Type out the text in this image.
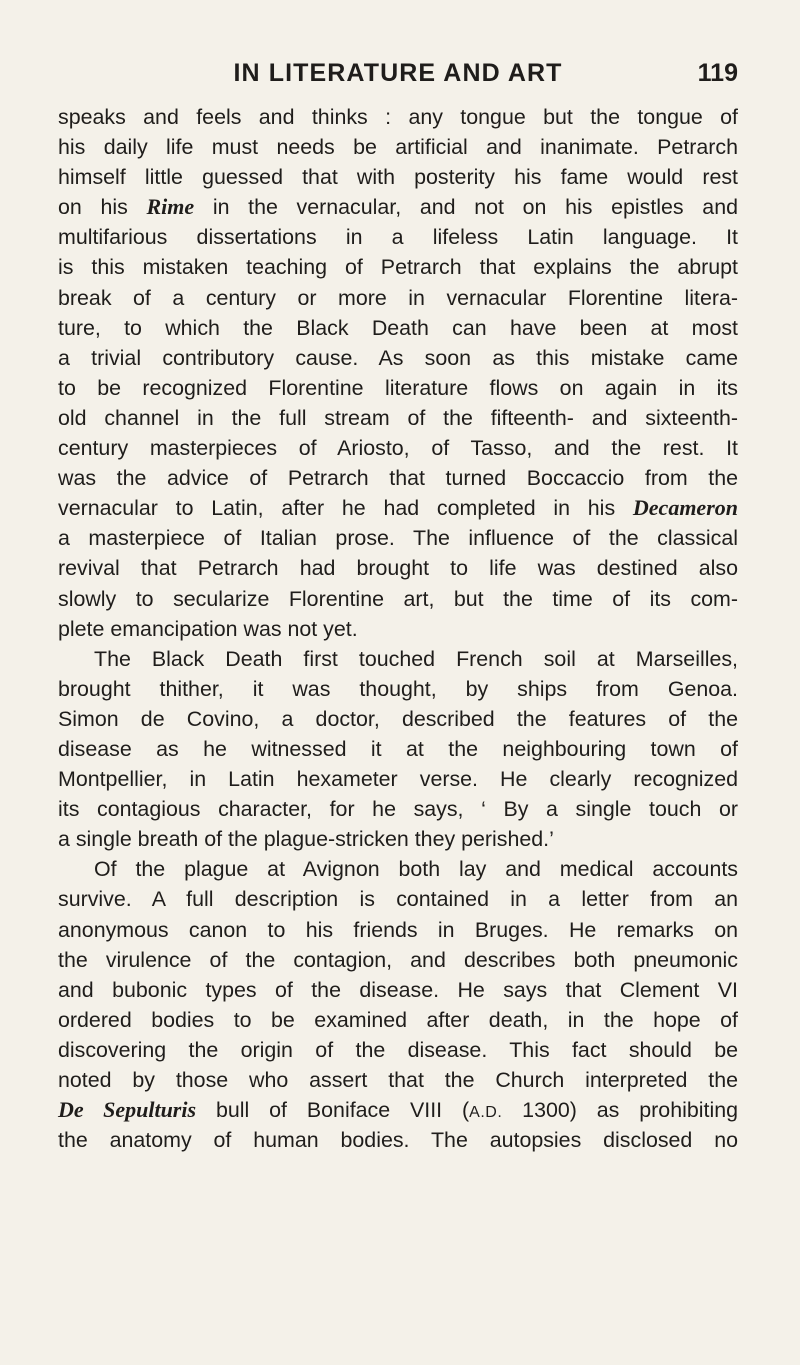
IN LITERATURE AND ART	119
speaks and feels and thinks : any tongue but the tongue of
his daily life must needs be artificial and inanimate. Petrarch
himself little guessed that with posterity his fame would rest
on his Rime in the vernacular, and not on his epistles and
multifarious dissertations in a lifeless Latin language. It
is this mistaken teaching of Petrarch that explains the abrupt
break of a century or more in vernacular Florentine litera-
ture, to which the Black Death can have been at most
a trivial contributory cause. As soon as this mistake came
to be recognized Florentine literature flows on again in its
old channel in the full stream of the fifteenth- and sixteenth-
century masterpieces of Ariosto, of Tasso, and the rest. It
was the advice of Petrarch that turned Boccaccio from the
vernacular to Latin, after he had completed in his Decameron
a masterpiece of Italian prose. The influence of the classical
revival that Petrarch had brought to life was destined also
slowly to secularize Florentine art, but the time of its com-
plete emancipation was not yet.
The Black Death first touched French soil at Marseilles,
brought thither, it was thought, by ships from Genoa.
Simon de Covino, a doctor, described the features of the
disease as he witnessed it at the neighbouring town of
Montpellier, in Latin hexameter verse. He clearly recognized
its contagious character, for he says, ‘ By a single touch or
a single breath of the plague-stricken they perished.’
Of the plague at Avignon both lay and medical accounts
survive. A full description is contained in a letter from an
anonymous canon to his friends in Bruges. He remarks on
the virulence of the contagion, and describes both pneumonic
and bubonic types of the disease. He says that Clement VI
ordered bodies to be examined after death, in the hope of
discovering the origin of the disease. This fact should be
noted by those who assert that the Church interpreted the
De Sepulturis bull of Boniface VIII (A.D. 1300) as prohibiting
the anatomy of human bodies. The autopsies disclosed no
